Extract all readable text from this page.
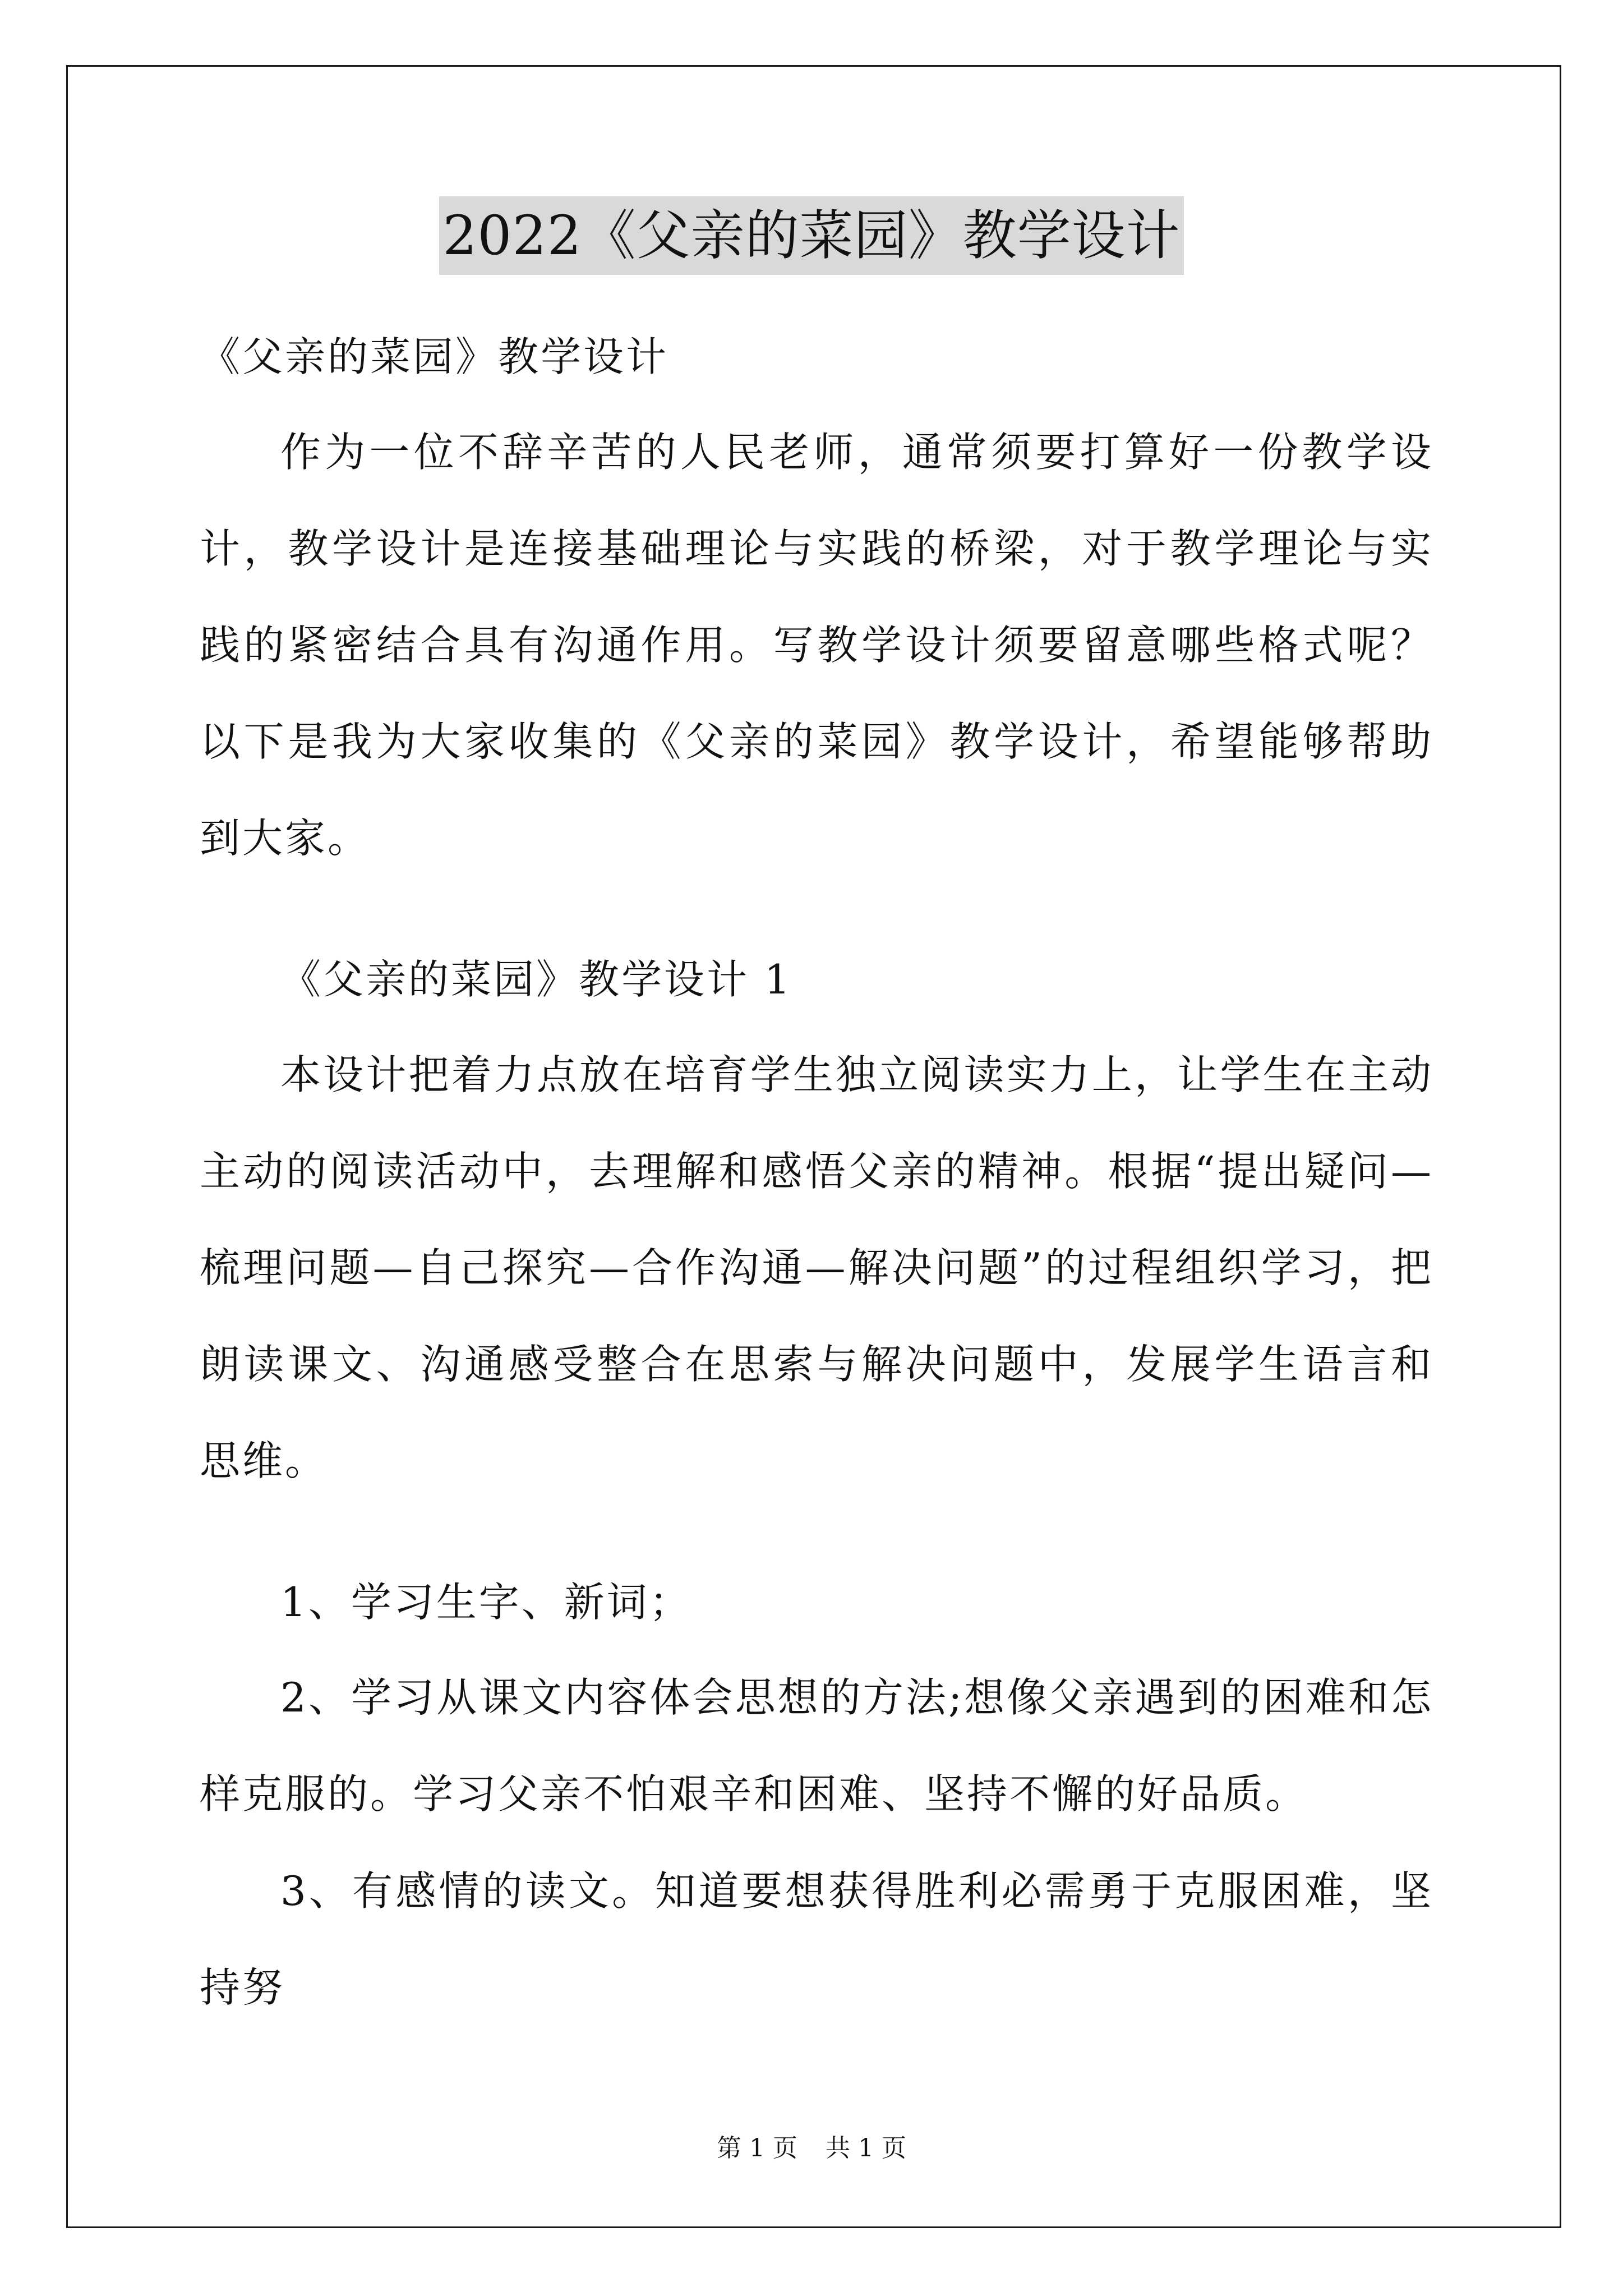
2022《父亲的菜园》教学设计

《父亲的菜园》教学设计

作为一位不辞辛苦的人民老师，通常须要打算好一份教学设计，教学设计是连接基础理论与实践的桥梁，对于教学理论与实践的紧密结合具有沟通作用。写教学设计须要留意哪些格式呢？以下是我为大家收集的《父亲的菜园》教学设计，希望能够帮助到大家。

《父亲的菜园》教学设计 1

本设计把着力点放在培育学生独立阅读实力上，让学生在主动主动的阅读活动中，去理解和感悟父亲的精神。根据“提出疑问—梳理问题—自己探究—合作沟通—解决问题”的过程组织学习，把朗读课文、沟通感受整合在思索与解决问题中，发展学生语言和思维。

1、学习生字、新词；

2、学习从课文内容体会思想的方法;想像父亲遇到的困难和怎样克服的。学习父亲不怕艰辛和困难、坚持不懈的好品质。

3、有感情的读文。知道要想获得胜利必需勇于克服困难，坚持努

第 1 页 共 1 页
